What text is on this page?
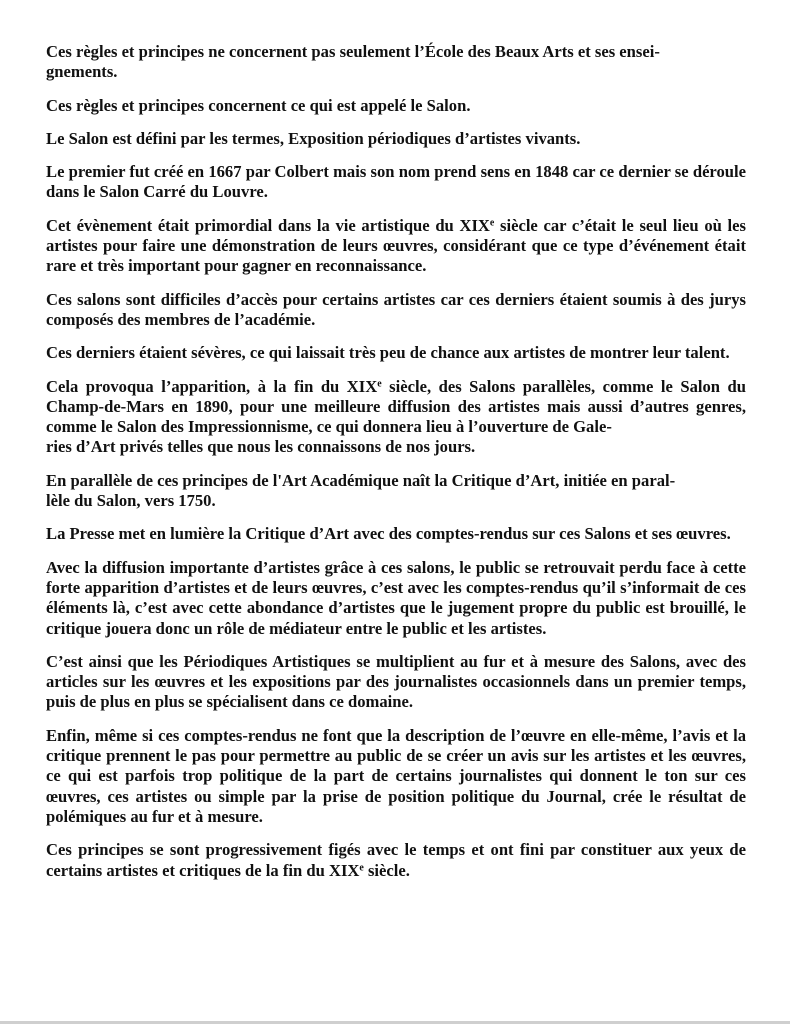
Ces règles et principes ne concernent pas seulement l’École des Beaux Arts et ses ensei-
gnements.

Ces règles et principes concernent ce qui est appelé le Salon.

Le Salon est défini par les termes, Exposition périodiques d’artistes vivants.

Le premier fut créé en 1667 par Colbert mais son nom prend sens en 1848 car ce dernier se déroule dans le Salon Carré du Louvre.

Cet évènement était primordial dans la vie artistique du XIXe siècle car c’était le seul lieu où les artistes pour faire une démonstration de leurs œuvres, considérant que ce type d’événement était rare et très important pour gagner en reconnaissance.

Ces salons sont difficiles d’accès pour certains artistes car ces derniers étaient soumis à des jurys composés des membres de l’académie.

Ces derniers étaient sévères, ce qui laissait très peu de chance aux artistes de montrer leur talent.

Cela provoqua l’apparition, à la fin du XIXe siècle, des Salons parallèles, comme le Salon du Champ-de-Mars en 1890, pour une meilleure diffusion des artistes mais aussi d’autres genres, comme le Salon des Impressionnisme, ce qui donnera lieu à l’ouverture de Gale-
ries d’Art privés telles que nous les connaissons de nos jours.

En parallèle de ces principes de l'Art Académique naît la Critique d’Art, initiée en paral-
lèle du Salon, vers 1750.

La Presse met en lumière la Critique d’Art avec des comptes-rendus sur ces Salons et ses œuvres.

Avec la diffusion importante d’artistes grâce à ces salons, le public se retrouvait perdu face à cette forte apparition d’artistes et de leurs œuvres, c’est avec les comptes-rendus qu’il s’informait de ces éléments là, c’est avec cette abondance d’artistes que le jugement propre du public est brouillé, le critique jouera donc un rôle de médiateur entre le public et les artistes.

C’est ainsi que les Périodiques Artistiques se multiplient au fur et à mesure des Salons, avec des articles sur les œuvres et les expositions par des journalistes occasionnels dans un premier temps, puis de plus en plus se spécialisent dans ce domaine.

Enfin, même si ces comptes-rendus ne font que la description de l’œuvre en elle-même, l’avis et la critique prennent le pas pour permettre au public de se créer un avis sur les artistes et les œuvres, ce qui est parfois trop politique de la part de certains journalistes qui donnent le ton sur ces œuvres, ces artistes ou simple par la prise de position politique du Journal, crée le résultat de polémiques au fur et à mesure.

Ces principes se sont progressivement figés avec le temps et ont fini par constituer aux yeux de certains artistes et critiques de la fin du XIXe siècle.
